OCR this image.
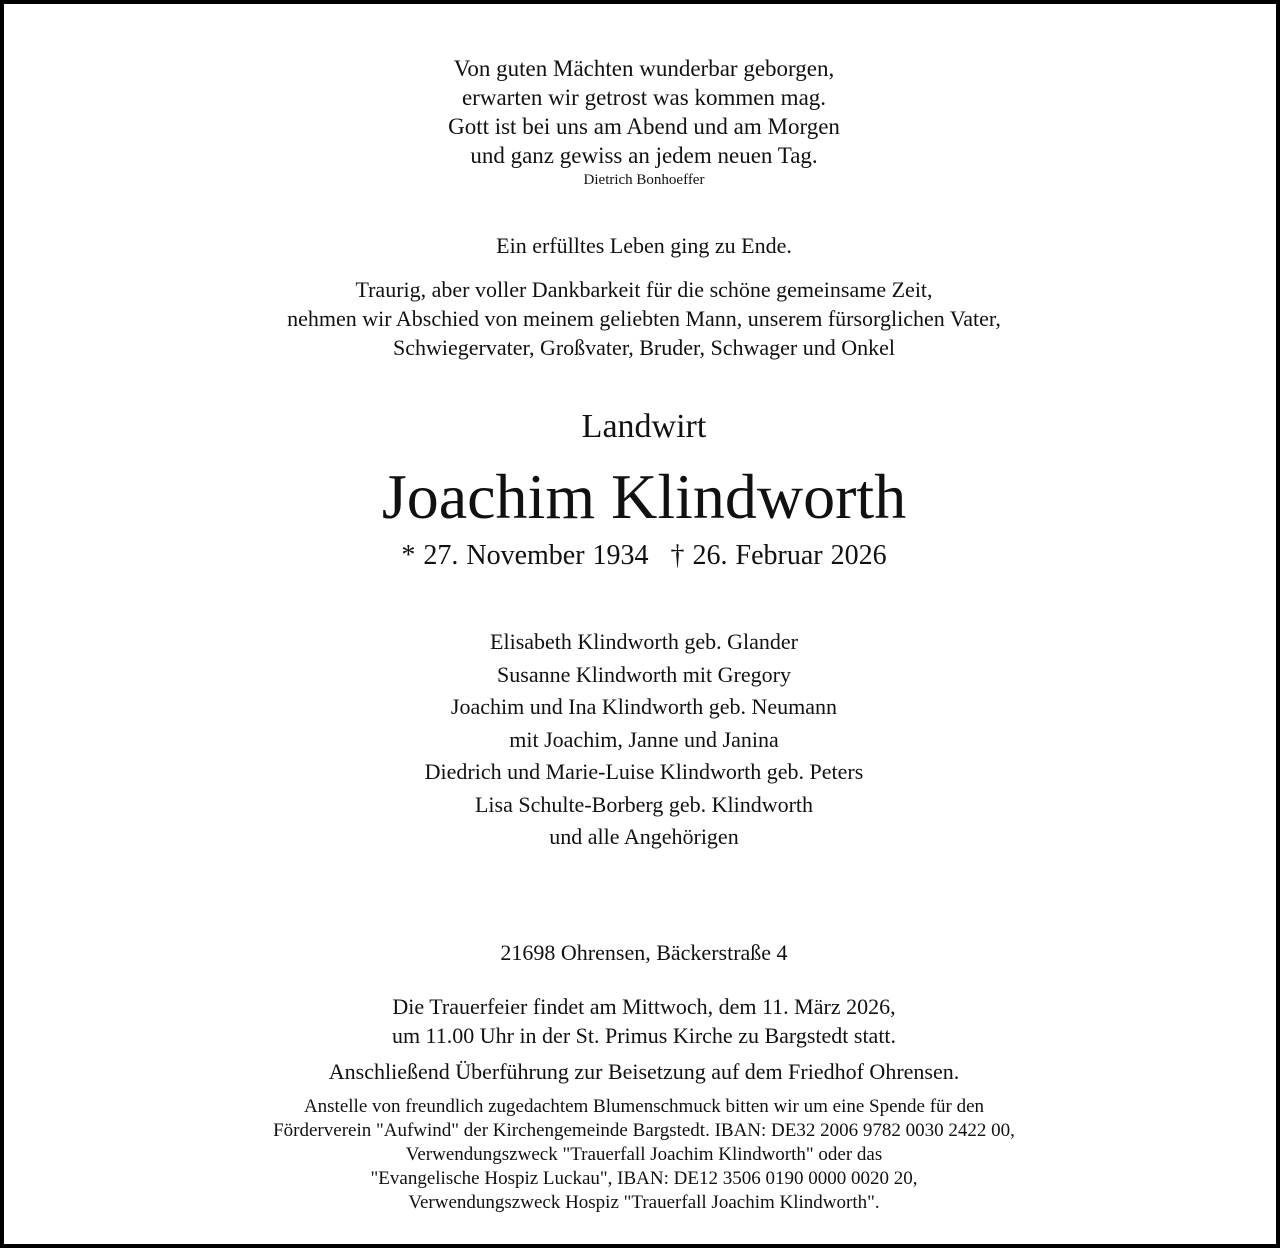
Von guten Mächten wunderbar geborgen,
erwarten wir getrost was kommen mag.
Gott ist bei uns am Abend und am Morgen
und ganz gewiss an jedem neuen Tag.
Dietrich Bonhoeffer
Ein erfülltes Leben ging zu Ende.
Traurig, aber voller Dankbarkeit für die schöne gemeinsame Zeit,
nehmen wir Abschied von meinem geliebten Mann, unserem fürsorglichen Vater,
Schwiegervater, Großvater, Bruder, Schwager und Onkel
Landwirt
Joachim Klindworth
* 27. November 1934 † 26. Februar 2026
Elisabeth Klindworth geb. Glander
Susanne Klindworth mit Gregory
Joachim und Ina Klindworth geb. Neumann
mit Joachim, Janne und Janina
Diedrich und Marie-Luise Klindworth geb. Peters
Lisa Schulte-Borberg geb. Klindworth
und alle Angehörigen
21698 Ohrensen, Bäckerstraße 4
Die Trauerfeier findet am Mittwoch, dem 11. März 2026,
um 11.00 Uhr in der St. Primus Kirche zu Bargstedt statt.
Anschließend Überführung zur Beisetzung auf dem Friedhof Ohrensen.
Anstelle von freundlich zugedachtem Blumenschmuck bitten wir um eine Spende für den
Förderverein "Aufwind" der Kirchengemeinde Bargstedt. IBAN: DE32 2006 9782 0030 2422 00,
Verwendungszweck "Trauerfall Joachim Klindworth" oder das
"Evangelische Hospiz Luckau", IBAN: DE12 3506 0190 0000 0020 20,
Verwendungszweck Hospiz "Trauerfall Joachim Klindworth".
